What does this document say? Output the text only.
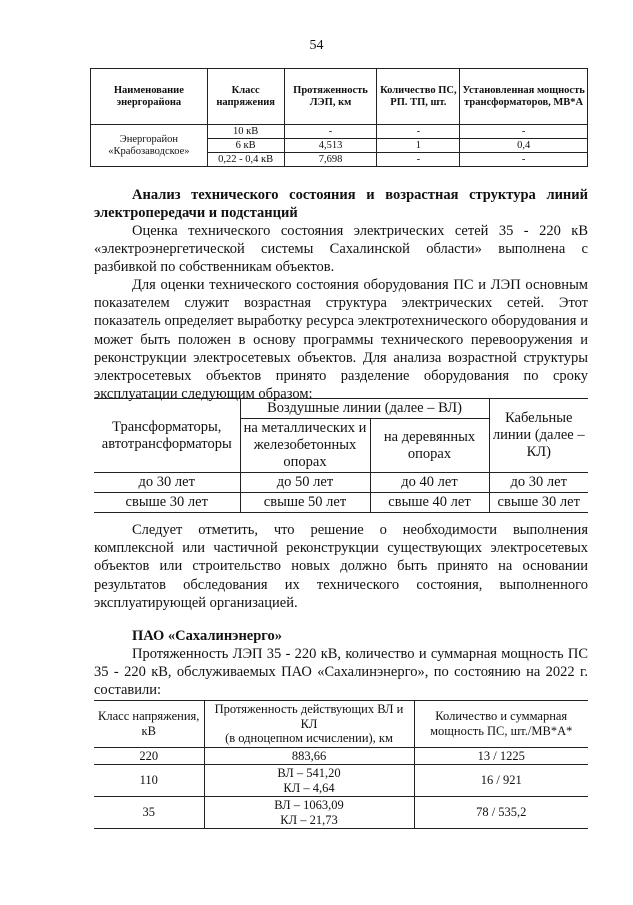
54
Наименование энергорайона	Класс напряжения	Протяженность ЛЭП, км	Количество ПС, РП. ТП, шт.	Установленная мощность трансформаторов, МВ*А
Энергорайон «Крабозаводское»	10 кВ	-	-	-
	6 кВ	4,513	1	0,4
	0,22 - 0,4 кВ	7,698	-	-
Анализ технического состояния и возрастная структура линий
электропередачи и подстанций
Оценка технического состояния электрических сетей 35 - 220 кВ «электроэнергетической системы Сахалинской области» выполнена с разбивкой по собственникам объектов.
Для оценки технического состояния оборудования ПС и ЛЭП основным показателем служит возрастная структура электрических сетей. Этот показатель определяет выработку ресурса электротехнического оборудования и может быть положен в основу программы технического перевооружения и реконструкции электросетевых объектов. Для анализа возрастной структуры электросетевых объектов принято разделение оборудования по сроку эксплуатации следующим образом:
Трансформаторы, автотрансформаторы	Воздушные линии (далее – ВЛ)		Кабельные линии (далее – КЛ)
	на металлических и железобетонных опорах	на деревянных опорах	
до 30 лет	до 50 лет	до 40 лет	до 30 лет
свыше 30 лет	свыше 50 лет	свыше 40 лет	свыше 30 лет
Следует отметить, что решение о необходимости выполнения комплексной или частичной реконструкции существующих электросетевых объектов или строительство новых должно быть принято на основании результатов обследования их технического состояния, выполненного эксплуатирующей организацией.
ПАО «Сахалинэнерго»
Протяженность ЛЭП 35 - 220 кВ, количество и суммарная мощность ПС 35 - 220 кВ, обслуживаемых ПАО «Сахалинэнерго», по состоянию на 2022 г. составили:
Класс напряжения, кВ	Протяженность действующих ВЛ и КЛ
(в одноцепном исчислении), км	Количество и суммарная мощность ПС, шт./МВ*А*
220	883,66	13 / 1225
110	ВЛ – 541,20
КЛ – 4,64	16 / 921
35	ВЛ – 1063,09
КЛ – 21,73	78 / 535,2
